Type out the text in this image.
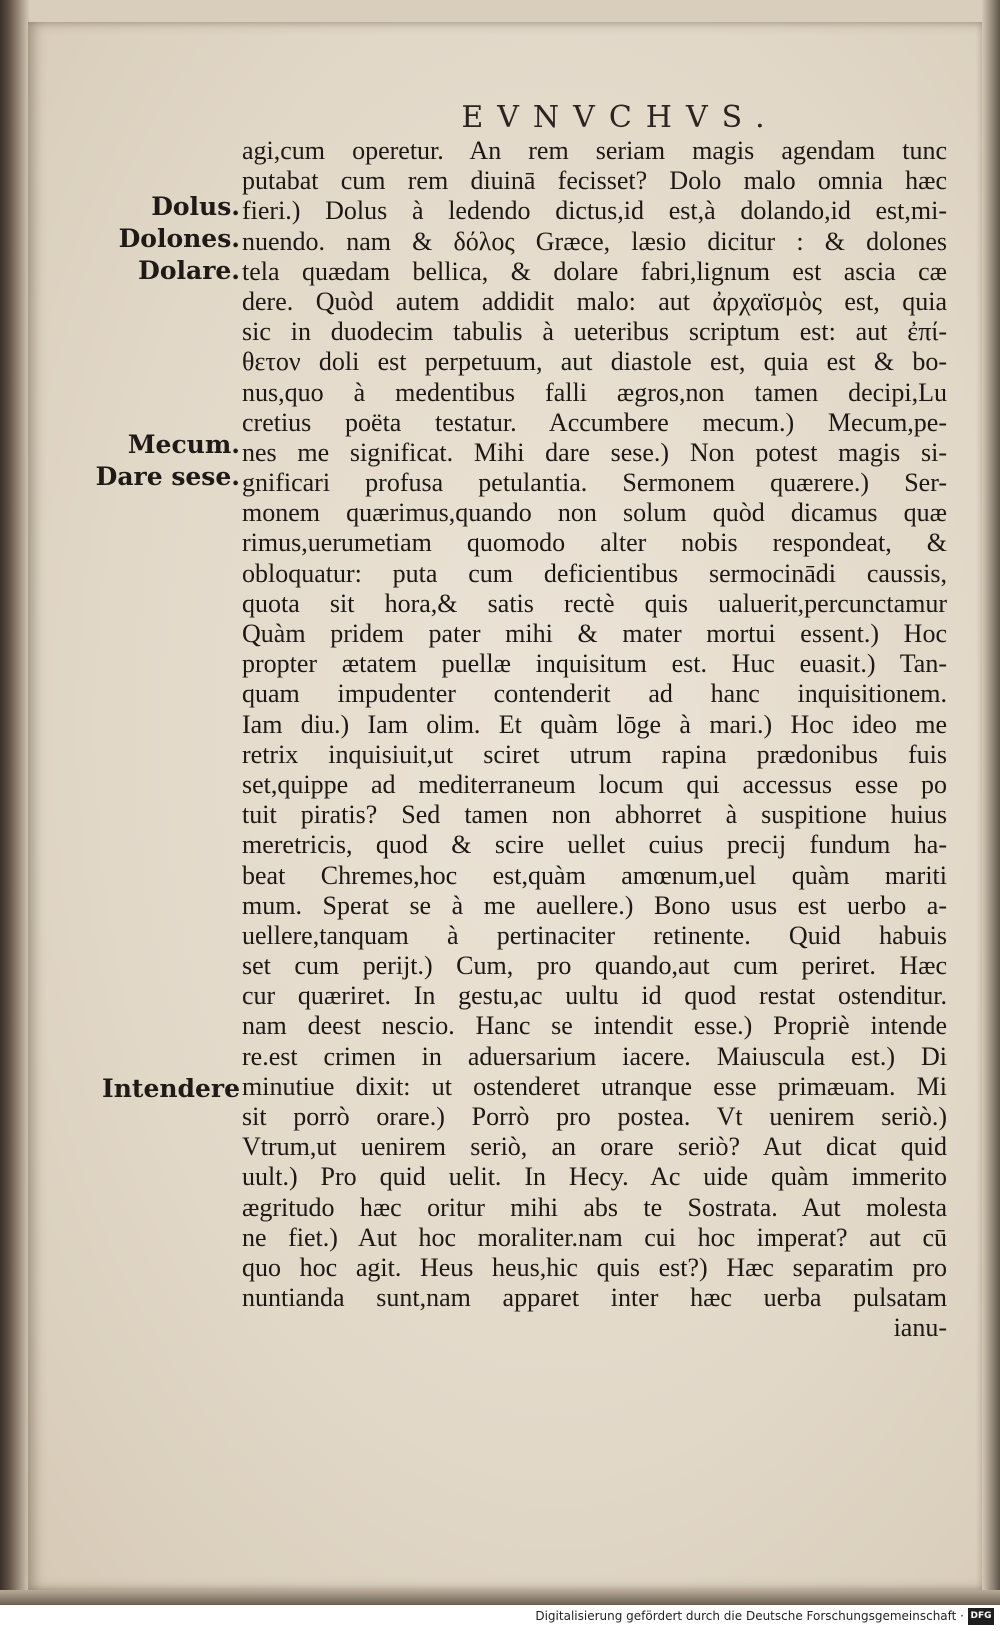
EVNVCHVS.
Dolus.
Dolones.
Dolare.
Mecum.
Dare sese.
Intendere
agi,cum operetur. An rem seriam magis agendam tunc
putabat cum rem diuinā fecisset? Dolo malo omnia hæc
fieri.) Dolus à ledendo dictus,id est,à dolando,id est,mi-
nuendo. nam & δόλος Græce, læsio dicitur : & dolones
tela quædam bellica, & dolare fabri,lignum est ascia cæ
dere. Quòd autem addidit malo: aut ἀρχαϊσμὸς est, quia
sic in duodecim tabulis à ueteribus scriptum est: aut ἐπί-
θετον doli est perpetuum, aut diastole est, quia est & bo-
nus,quo à medentibus falli ægros,non tamen decipi,Lu
cretius poëta testatur. Accumbere mecum.) Mecum,pe-
nes me significat. Mihi dare sese.) Non potest magis si-
gnificari profusa petulantia. Sermonem quærere.) Ser-
monem quærimus,quando non solum quòd dicamus quæ
rimus,uerumetiam quomodo alter nobis respondeat, &
obloquatur: puta cum deficientibus sermocinādi caussis,
quota sit hora,& satis rectè quis ualuerit,percunctamur
Quàm pridem pater mihi & mater mortui essent.) Hoc
propter ætatem puellæ inquisitum est. Huc euasit.) Tan-
quam impudenter contenderit ad hanc inquisitionem.
Iam diu.) Iam olim. Et quàm lōge à mari.) Hoc ideo me
retrix inquisiuit,ut sciret utrum rapina prædonibus fuis
set,quippe ad mediterraneum locum qui accessus esse po
tuit piratis? Sed tamen non abhorret à suspitione huius
meretricis, quod & scire uellet cuius precij fundum ha-
beat Chremes,hoc est,quàm amœnum,uel quàm mariti
mum. Sperat se à me auellere.) Bono usus est uerbo a-
uellere,tanquam à pertinaciter retinente. Quid habuis
set cum perijt.) Cum, pro quando,aut cum periret. Hæc
cur quæriret. In gestu,ac uultu id quod restat ostenditur.
nam deest nescio. Hanc se intendit esse.) Propriè intende
re.est crimen in aduersarium iacere. Maiuscula est.) Di
minutiue dixit: ut ostenderet utranque esse primæuam. Mi
sit porrò orare.) Porrò pro postea. Vt uenirem seriò.)
Vtrum,ut uenirem seriò, an orare seriò? Aut dicat quid
uult.) Pro quid uelit. In Hecy. Ac uide quàm immerito
ægritudo hæc oritur mihi abs te Sostrata. Aut molesta
ne fiet.) Aut hoc moraliter.nam cui hoc imperat? aut cū
quo hoc agit. Heus heus,hic quis est?) Hæc separatim pro
nuntianda sunt,nam apparet inter hæc uerba pulsatam
ianu-
Digitalisierung gefördert durch die Deutsche Forschungsgemeinschaft · DFG
